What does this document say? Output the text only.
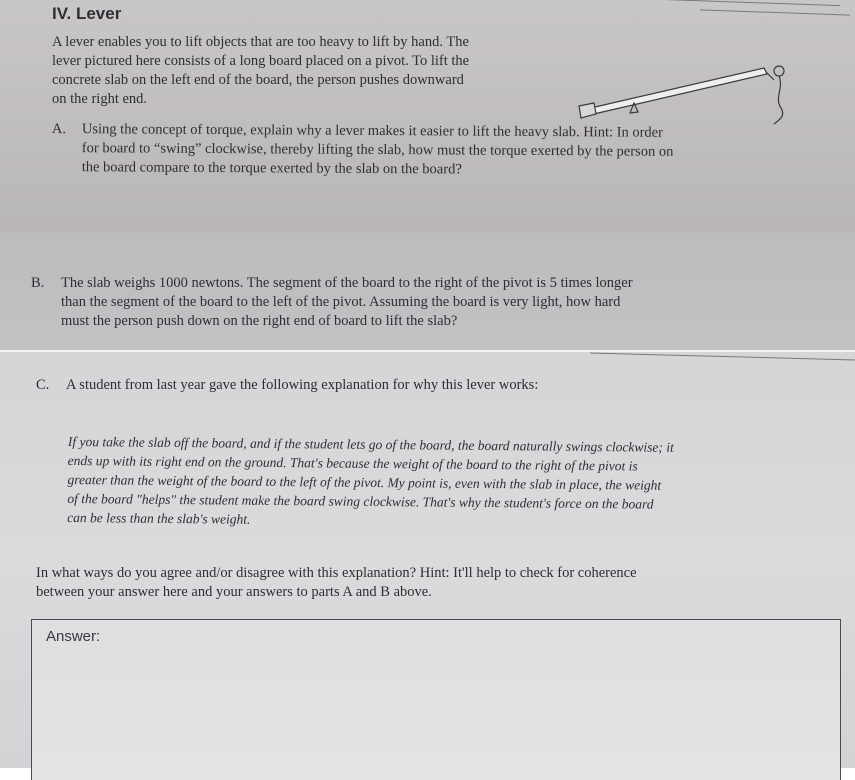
IV. Lever
A lever enables you to lift objects that are too heavy to lift by hand. The
lever pictured here consists of a long board placed on a pivot. To lift the
concrete slab on the left end of the board, the person pushes downward
on the right end.
A. Using the concept of torque, explain why a lever makes it easier to lift the heavy slab. Hint: In order
for board to “swing” clockwise, thereby lifting the slab, how must the torque exerted by the person on
the board compare to the torque exerted by the slab on the board?
B. The slab weighs 1000 newtons. The segment of the board to the right of the pivot is 5 times longer
than the segment of the board to the left of the pivot. Assuming the board is very light, how hard
must the person push down on the right end of board to lift the slab?
C. A student from last year gave the following explanation for why this lever works:
If you take the slab off the board, and if the student lets go of the board, the board naturally swings clockwise; it
ends up with its right end on the ground. That's because the weight of the board to the right of the pivot is
greater than the weight of the board to the left of the pivot. My point is, even with the slab in place, the weight
of the board "helps" the student make the board swing clockwise. That's why the student's force on the board
can be less than the slab's weight.
In what ways do you agree and/or disagree with this explanation? Hint: It'll help to check for coherence
between your answer here and your answers to parts A and B above.

Answer:
